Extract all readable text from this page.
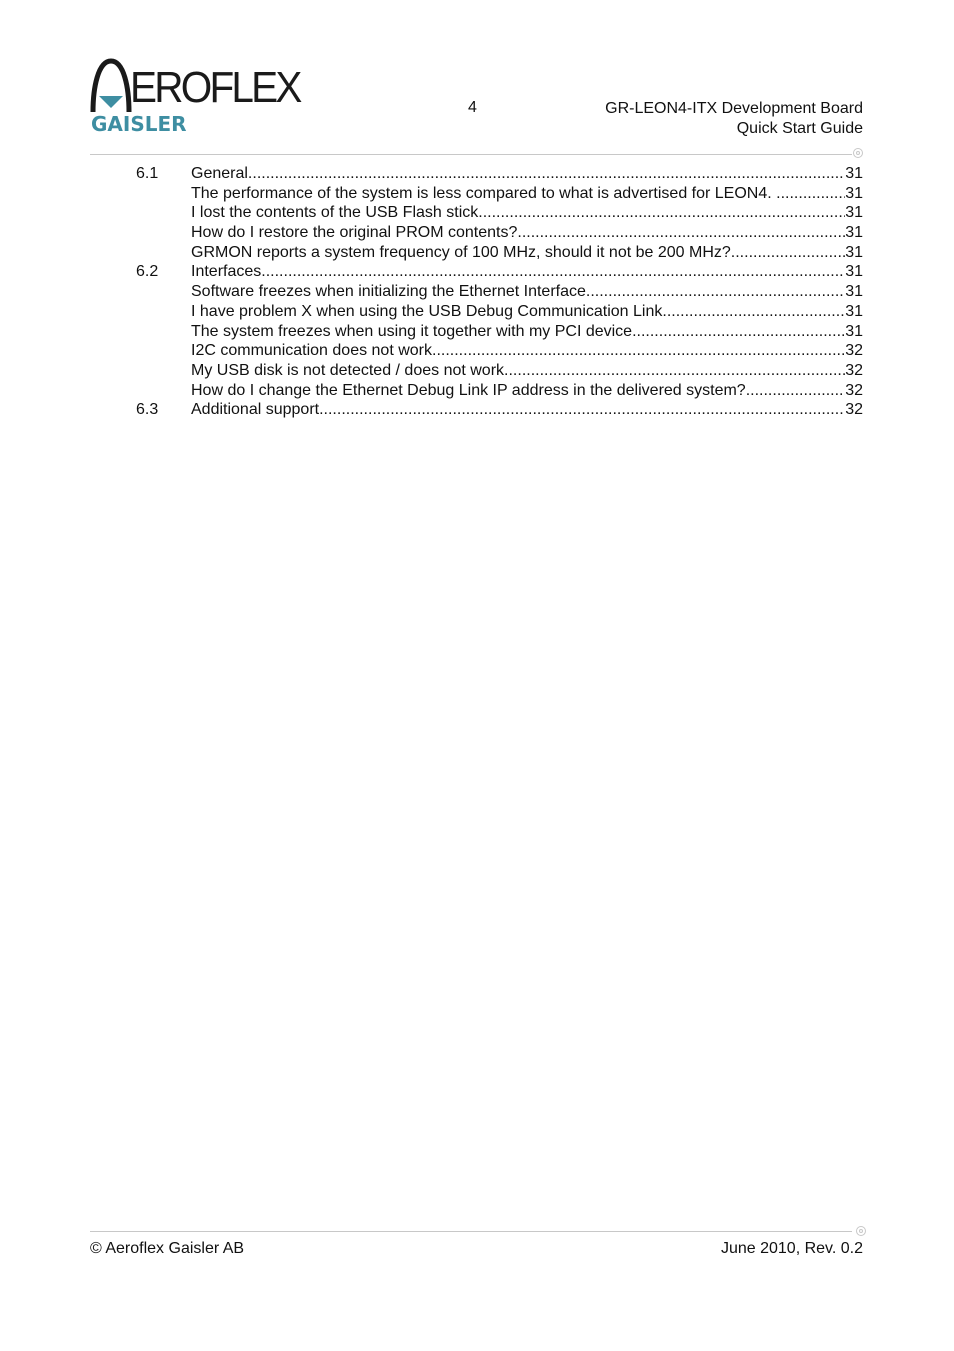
EROFLEX
GAISLER
4	GR-LEON4-ITX Development Board
Quick Start Guide
6.1	General .....	31
The performance of the system is less compared to what is advertised for LEON4. .....	31
I lost the contents of the USB Flash stick .....	31
How do I restore the original PROM contents? .....	31
GRMON reports a system frequency of 100 MHz, should it not be 200 MHz? .....	31
6.2	Interfaces .....	31
Software freezes when initializing the Ethernet Interface .....	31
I have problem X when using the USB Debug Communication Link .....	31
The system freezes when using it together with my PCI device .....	31
I2C communication does not work .....	32
My USB disk is not detected / does not work .....	32
How do I change the Ethernet Debug Link IP address in the delivered system? .....	32
6.3	Additional support .....	32
© Aeroflex Gaisler AB	June 2010, Rev. 0.2
